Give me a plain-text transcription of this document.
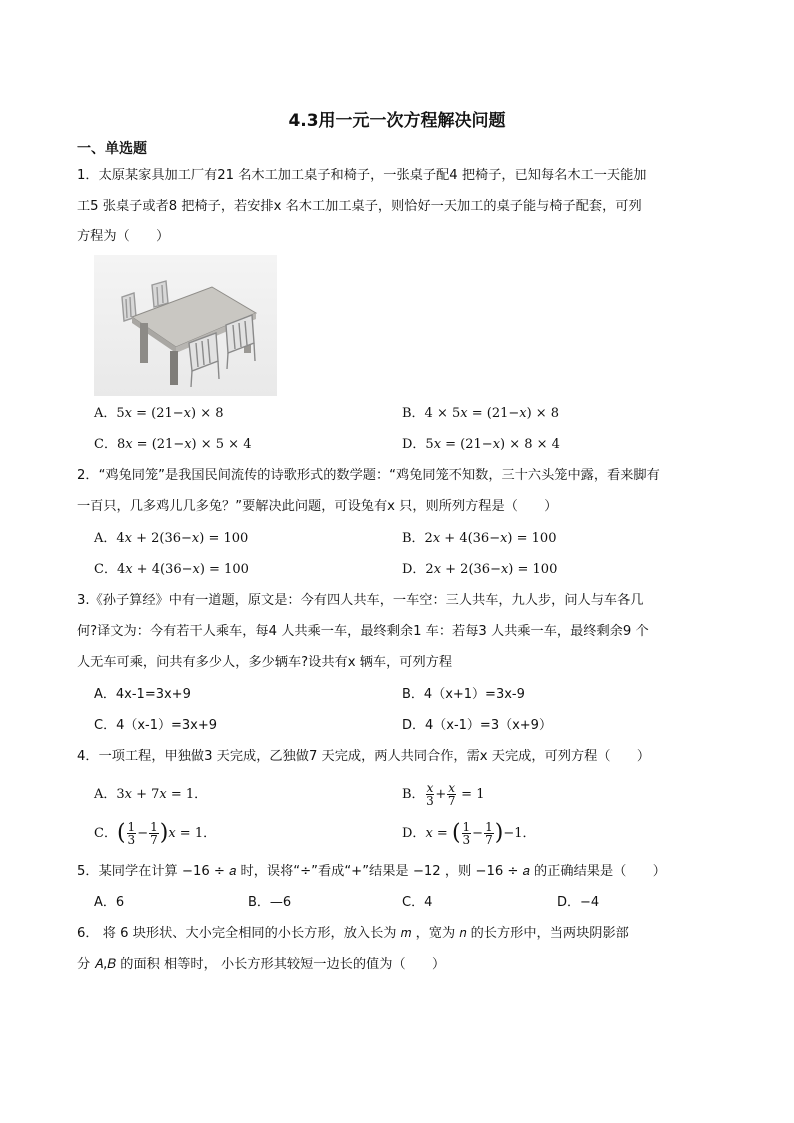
4.3用一元一次方程解决问题
一、单选题
1．太原某家具加工厂有21 名木工加工桌子和椅子，一张桌子配4 把椅子，已知每名木工一天能加
工5 张桌子或者8 把椅子，若安排x 名木工加工桌子，则恰好一天加工的桌子能与椅子配套，可列
方程为（　　）
A．5𝑥 = (21−𝑥) × 8	B．4 × 5𝑥 = (21−𝑥) × 8
C．8𝑥 = (21−𝑥) × 5 × 4	D．5𝑥 = (21−𝑥) × 8 × 4
2．“鸡兔同笼”是我国民间流传的诗歌形式的数学题：“鸡兔同笼不知数，三十六头笼中露，看来脚有
一百只，几多鸡儿几多兔？”要解决此问题，可设兔有x 只，则所列方程是（　　）
A．4𝑥 + 2(36−𝑥) = 100	B．2𝑥 + 4(36−𝑥) = 100
C．4𝑥 + 4(36−𝑥) = 100	D．2𝑥 + 2(36−𝑥) = 100
3.《孙子算经》中有一道题，原文是：今有四人共车，一车空：三人共车，九人步，问人与车各几
何?译文为：今有若干人乘车，每4 人共乘一车，最终剩余1 车：若每3 人共乘一车，最终剩余9 个
人无车可乘，问共有多少人，多少辆车?设共有x 辆车，可列方程
A．4x-1=3x+9	B．4（x+1）=3x-9
C．4（x-1）=3x+9	D．4（x-1）=3（x+9）
4．一项工程，甲独做3 天完成，乙独做7 天完成，两人共同合作，需x 天完成，可列方程（　　）
A．3𝑥 + 7𝑥 = 1．	B． $\frac{\text{𝑥}}{3} + \frac{\text{𝑥}}{7} = 1$
C．( $\frac{1}{3} - \frac{1}{7}$ )𝑥 = 1．	D．𝑥 = ( $\frac{1}{3} - \frac{1}{7} )-1$．
5．某同学在计算 −16 ÷ 𝑎 时，误将“÷”看成“+”结果是 −12 ，则 −16 ÷ 𝑎 的正确结果是（　　）
A．6	B．—6	C．4	D．−4
6． 将 6 块形状、大小完全相同的小长方形，放入长为 𝑚 ，宽为 𝑛 的长方形中，当两块阴影部
分 𝐴,𝐵 的面积 相等时， 小长方形其较短一边长的值为（　　）
